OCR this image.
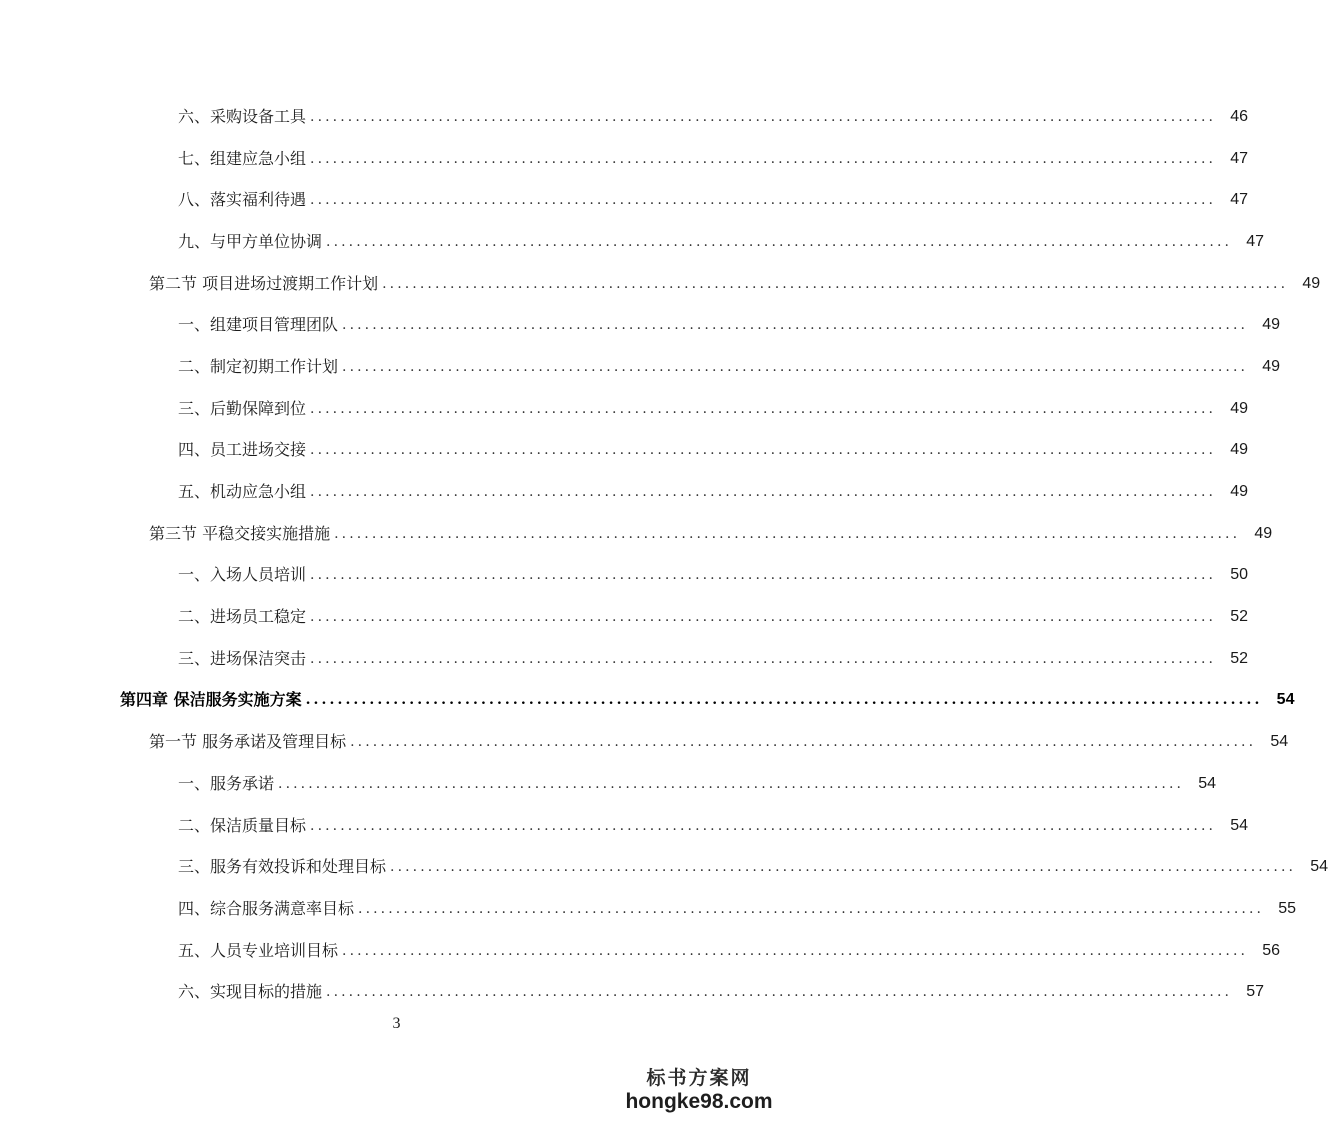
六、采购设备工具 ........................................................................................................................ 46
七、组建应急小组 ........................................................................................................................ 47
八、落实福利待遇 ........................................................................................................................ 47
九、与甲方单位协调 ........................................................................................................................ 47
第二节 项目进场过渡期工作计划 ........................................................................................................................ 49
一、组建项目管理团队 ........................................................................................................................ 49
二、制定初期工作计划 ........................................................................................................................ 49
三、后勤保障到位 ........................................................................................................................ 49
四、员工进场交接 ........................................................................................................................ 49
五、机动应急小组 ........................................................................................................................ 49
第三节 平稳交接实施措施 ........................................................................................................................ 49
一、入场人员培训 ........................................................................................................................ 50
二、进场员工稳定 ........................................................................................................................ 52
三、进场保洁突击 ........................................................................................................................ 52
第四章 保洁服务实施方案 ........................................................................................................................ 54
第一节 服务承诺及管理目标 ........................................................................................................................ 54
一、服务承诺 ........................................................................................................................ 54
二、保洁质量目标 ........................................................................................................................ 54
三、服务有效投诉和处理目标 ........................................................................................................................ 54
四、综合服务满意率目标 ........................................................................................................................ 55
五、人员专业培训目标 ........................................................................................................................ 56
六、实现目标的措施 ........................................................................................................................ 57
3
标书方案网
hongke98.com
